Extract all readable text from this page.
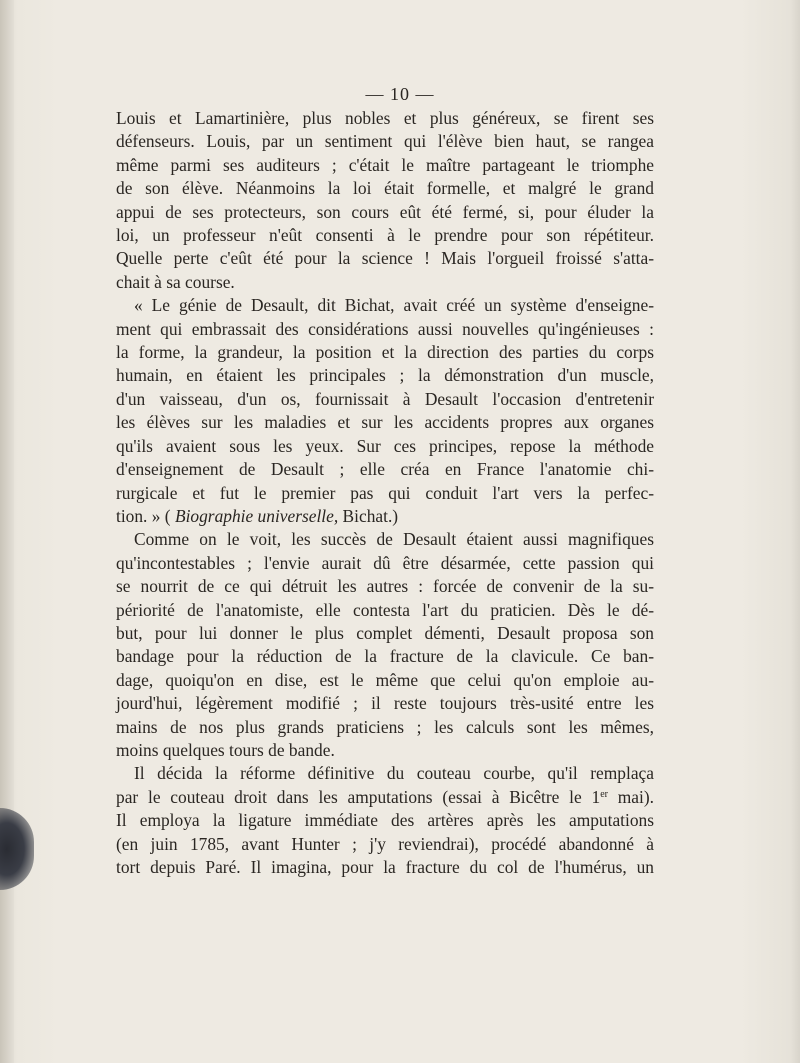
— 10 —

Louis et Lamartinière, plus nobles et plus généreux, se firent ses

défenseurs. Louis, par un sentiment qui l'élève bien haut, se rangea

même parmi ses auditeurs ; c'était le maître partageant le triomphe

de son élève. Néanmoins la loi était formelle, et malgré le grand

appui de ses protecteurs, son cours eût été fermé, si, pour éluder la

loi, un professeur n'eût consenti à le prendre pour son répétiteur.

Quelle perte c'eût été pour la science ! Mais l'orgueil froissé s'atta-

chait à sa course.

« Le génie de Desault, dit Bichat, avait créé un système d'enseigne-

ment qui embrassait des considérations aussi nouvelles qu'ingénieuses :

la forme, la grandeur, la position et la direction des parties du corps

humain, en étaient les principales ; la démonstration d'un muscle,

d'un vaisseau, d'un os, fournissait à Desault l'occasion d'entretenir

les élèves sur les maladies et sur les accidents propres aux organes

qu'ils avaient sous les yeux. Sur ces principes, repose la méthode

d'enseignement de Desault ; elle créa en France l'anatomie chi-

rurgicale et fut le premier pas qui conduit l'art vers la perfec-

tion. » ( Biographie universelle, Bichat.)

Comme on le voit, les succès de Desault étaient aussi magnifiques

qu'incontestables ; l'envie aurait dû être désarmée, cette passion qui

se nourrit de ce qui détruit les autres : forcée de convenir de la su-

périorité de l'anatomiste, elle contesta l'art du praticien. Dès le dé-

but, pour lui donner le plus complet démenti, Desault proposa son

bandage pour la réduction de la fracture de la clavicule. Ce ban-

dage, quoiqu'on en dise, est le même que celui qu'on emploie au-

jourd'hui, légèrement modifié ; il reste toujours très-usité entre les

mains de nos plus grands praticiens ; les calculs sont les mêmes,

moins quelques tours de bande.

Il décida la réforme définitive du couteau courbe, qu'il remplaça

par le couteau droit dans les amputations (essai à Bicêtre le 1er mai).

Il employa la ligature immédiate des artères après les amputations

(en juin 1785, avant Hunter ; j'y reviendrai), procédé abandonné à

tort depuis Paré. Il imagina, pour la fracture du col de l'humérus, un
